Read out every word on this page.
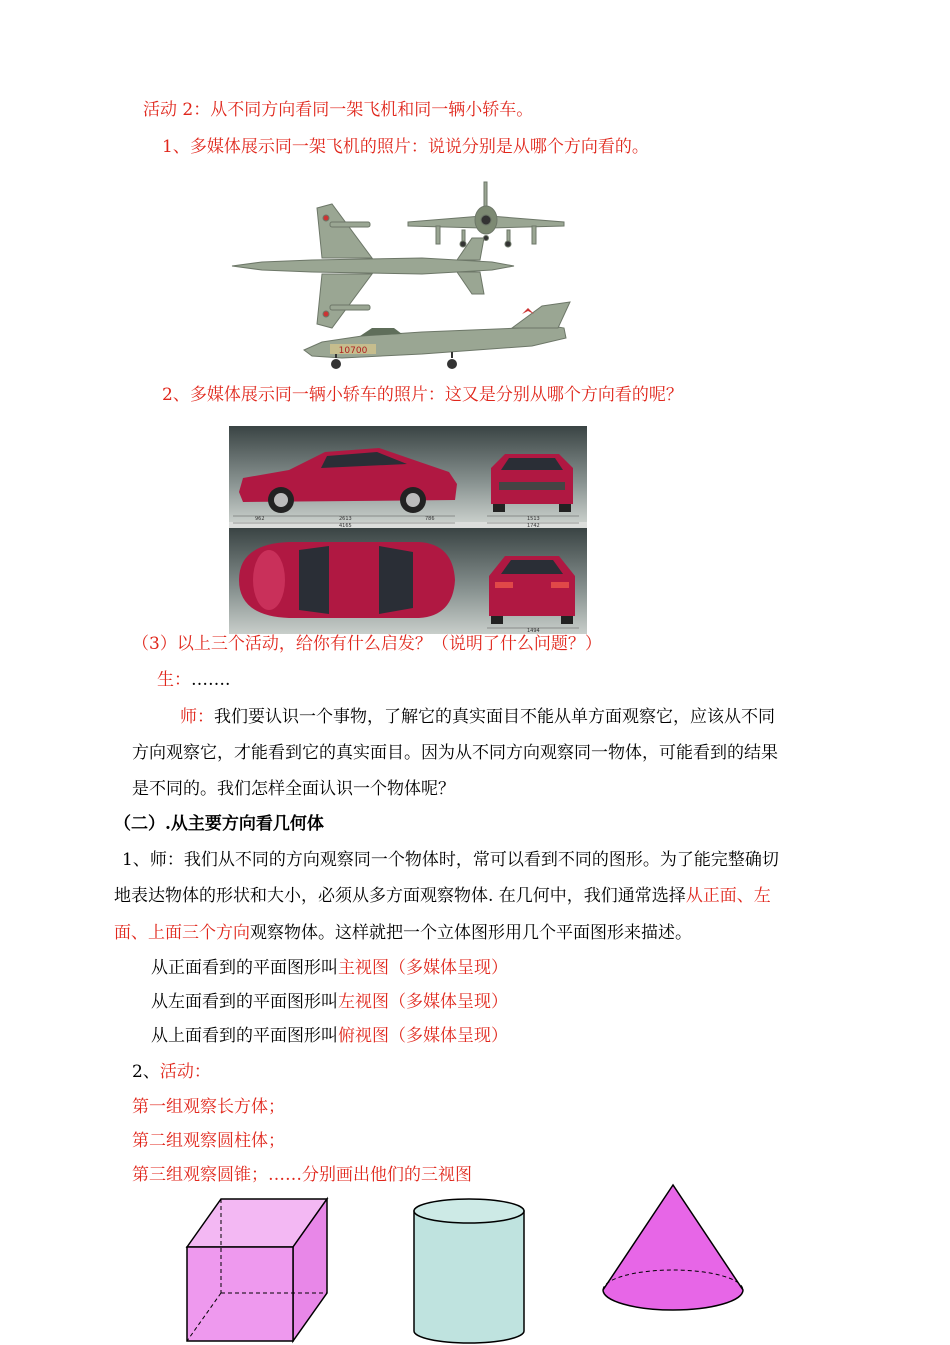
活动 2：从不同方向看同一架飞机和同一辆小轿车。
1、多媒体展示同一架飞机的照片：说说分别是从哪个方向看的。
10700
2、多媒体展示同一辆小轿车的照片：这又是分别从哪个方向看的呢？
962	2613	786
4165
1513
1742
1494
（3）以上三个活动，给你有什么启发？（说明了什么问题？）
生：…….
师：我们要认识一个事物，了解它的真实面目不能从单方面观察它，应该从不同
方向观察它，才能看到它的真实面目。因为从不同方向观察同一物体，可能看到的结果
是不同的。我们怎样全面认识一个物体呢？
（二）.从主要方向看几何体
1、师：我们从不同的方向观察同一个物体时，常可以看到不同的图形。为了能完整确切
地表达物体的形状和大小，必须从多方面观察物体. 在几何中，我们通常选择从正面、左
面、上面三个方向观察物体。这样就把一个立体图形用几个平面图形来描述。
从正面看到的平面图形叫主视图（多媒体呈现）
从左面看到的平面图形叫左视图（多媒体呈现）
从上面看到的平面图形叫俯视图（多媒体呈现）
2、活动：
第一组观察长方体；
第二组观察圆柱体；
第三组观察圆锥；……分别画出他们的三视图
